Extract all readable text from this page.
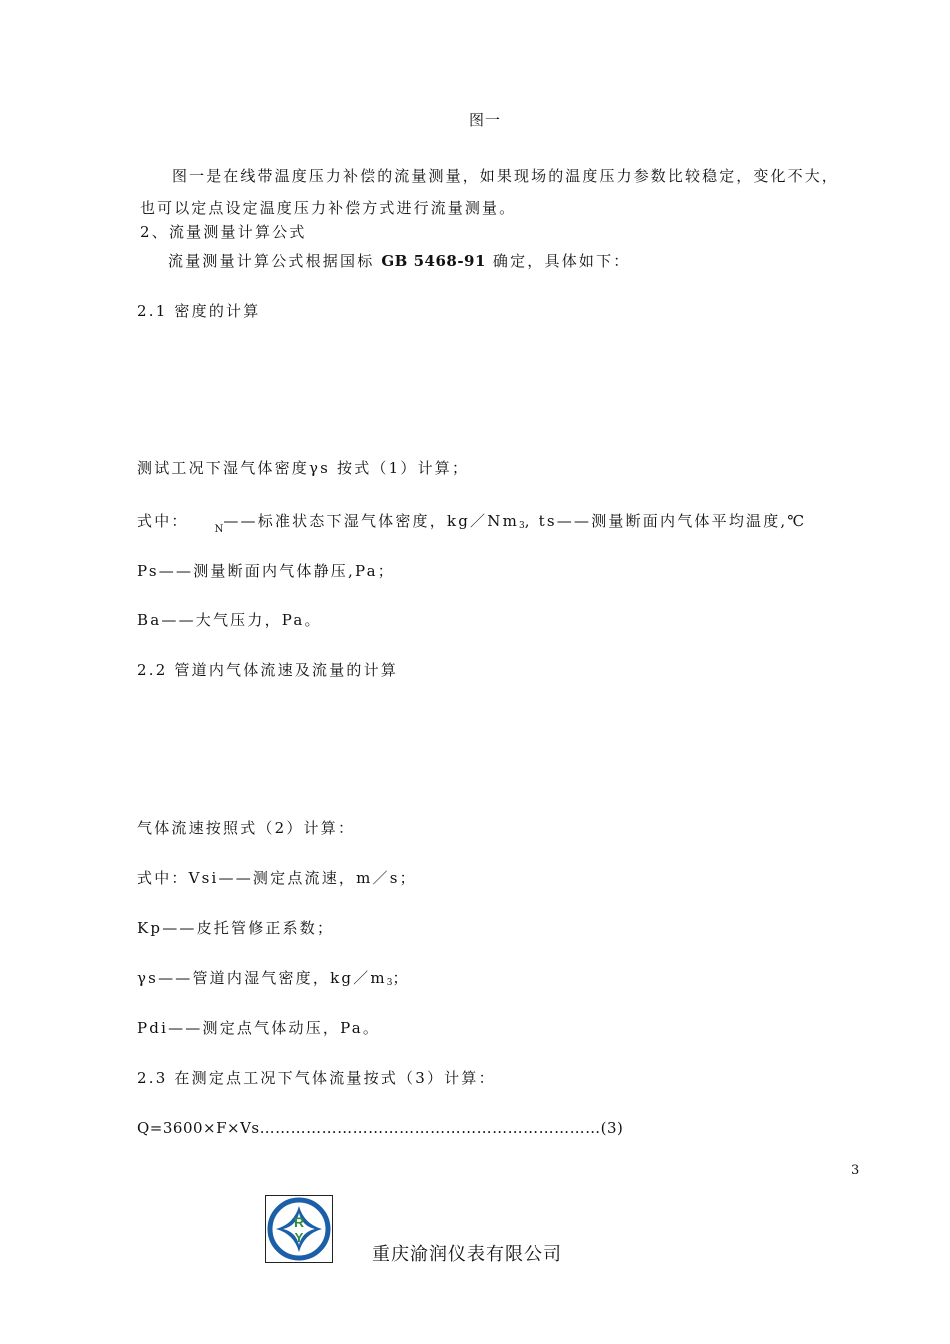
图一
图一是在线带温度压力补偿的流量测量，如果现场的温度压力参数比较稳定，变化不大，也可以定点设定温度压力补偿方式进行流量测量。
2、流量测量计算公式
流量测量计算公式根据国标 GB 5468-91 确定，具体如下：
2.1 密度的计算
测试工况下湿气体密度γs 按式（1）计算；
式中：	$_N$——标准状态下湿气体密度，kg／Nm3, ts——测量断面内气体平均温度,℃
Ps——测量断面内气体静压,Pa；
Ba——大气压力，Pa。
2.2 管道内气体流速及流量的计算
气体流速按照式（2）计算：
式中：Vsi——测定点流速，m／s；
Kp——皮托管修正系数；
γs——管道内湿气密度，kg／m3；
Pdi——测定点气体动压，Pa。
2.3 在测定点工况下气体流量按式（3）计算：
Q=3600×F×Vs…………………………………………………………(3)
3
R
Y
重庆渝润仪表有限公司
